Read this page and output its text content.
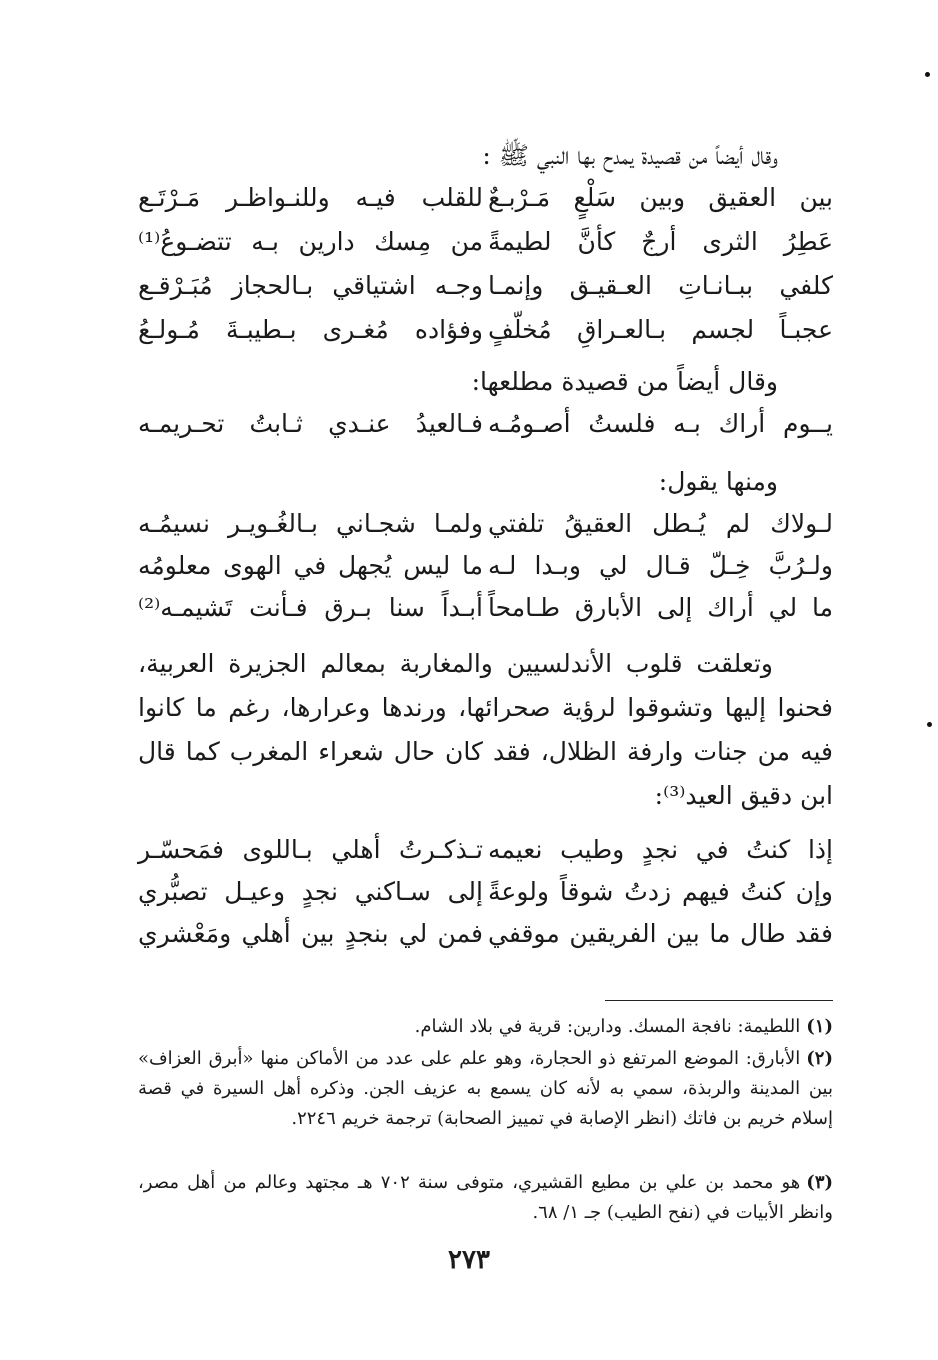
وقال أيضاً من قصيدة يمدح بها النبي ﷺ :
بين العقيق وبين سَلْعٍ مَـرْبـعٌ
للقلب فيـه وللنـواظـر مَـرْتَـع
عَطِرُ الثرى أرجٌ كأنَّ لطيمةً
من مِسك دارين بـه تتضـوعُ⁽¹⁾
كلفي ببـانـاتِ العـقيـق وإنمـا
وجـه اشتياقي بـالحجاز مُبَـرْقـع
عجبـاً لجسم بـالعـراقِ مُخلّفٍ
وفؤاده مُغـرى بـطيبـةَ مُـولـعُ
وقال أيضاً من قصيدة مطلعها:
يــوم أراك بـه فلستُ أصـومُـه
فـالعيدُ عنـدي ثـابتُ تحـريمـه
ومنها يقول:
لـولاك لم يُـطل العقيقُ تلفتي
ولمـا شجـاني بـالغُـويـر نسيمُـه
ولـرُبَّ خِـلّ قـال لي وبـدا لـه
ما ليس يُجهل في الهوى معلومُه
ما لي أراك إلى الأبارق طـامحاً
أبـداً سنا بـرق فـأنت تَشيمـه⁽²⁾

وتعلقت قلوب الأندلسيين والمغاربة بمعالم الجزيرة العربية، فحنوا إليها وتشوقوا لرؤية صحرائها، ورندها وعرارها، رغم ما كانوا فيه من جنات وارفة الظلال، فقد كان حال شعراء المغرب كما قال ابن دقيق العيد⁽³⁾:

إذا كنتُ في نجدٍ وطيب نعيمه
تـذكـرتُ أهلي بـاللوى فمَحسّـر
وإن كنتُ فيهم زدتُ شوقاً ولوعةً
إلى سـاكني نجدٍ وعيـل تصبُّري
فقد طال ما بين الفريقين موقفي
فمن لي بنجدٍ بين أهلي ومَعْشري
(١)اللطيمة: نافجة المسك. ودارين: قرية في بلاد الشام.
(٢)الأبارق: الموضع المرتفع ذو الحجارة، وهو علم على عدد من الأماكن منها «أبرق العزاف» بين المدينة والربذة، سمي به لأنه كان يسمع به عزيف الجن. وذكره أهل السيرة في قصة إسلام خريم بن فاتك (انظر الإصابة في تمييز الصحابة) ترجمة خريم ٢٢٤٦.
(٣)هو محمد بن علي بن مطيع القشيري، متوفى سنة ٧٠٢ هـ مجتهد وعالم من أهل مصر، وانظر الأبيات في (نفح الطيب) جـ ١/ ٦٨.
٢٧٣
